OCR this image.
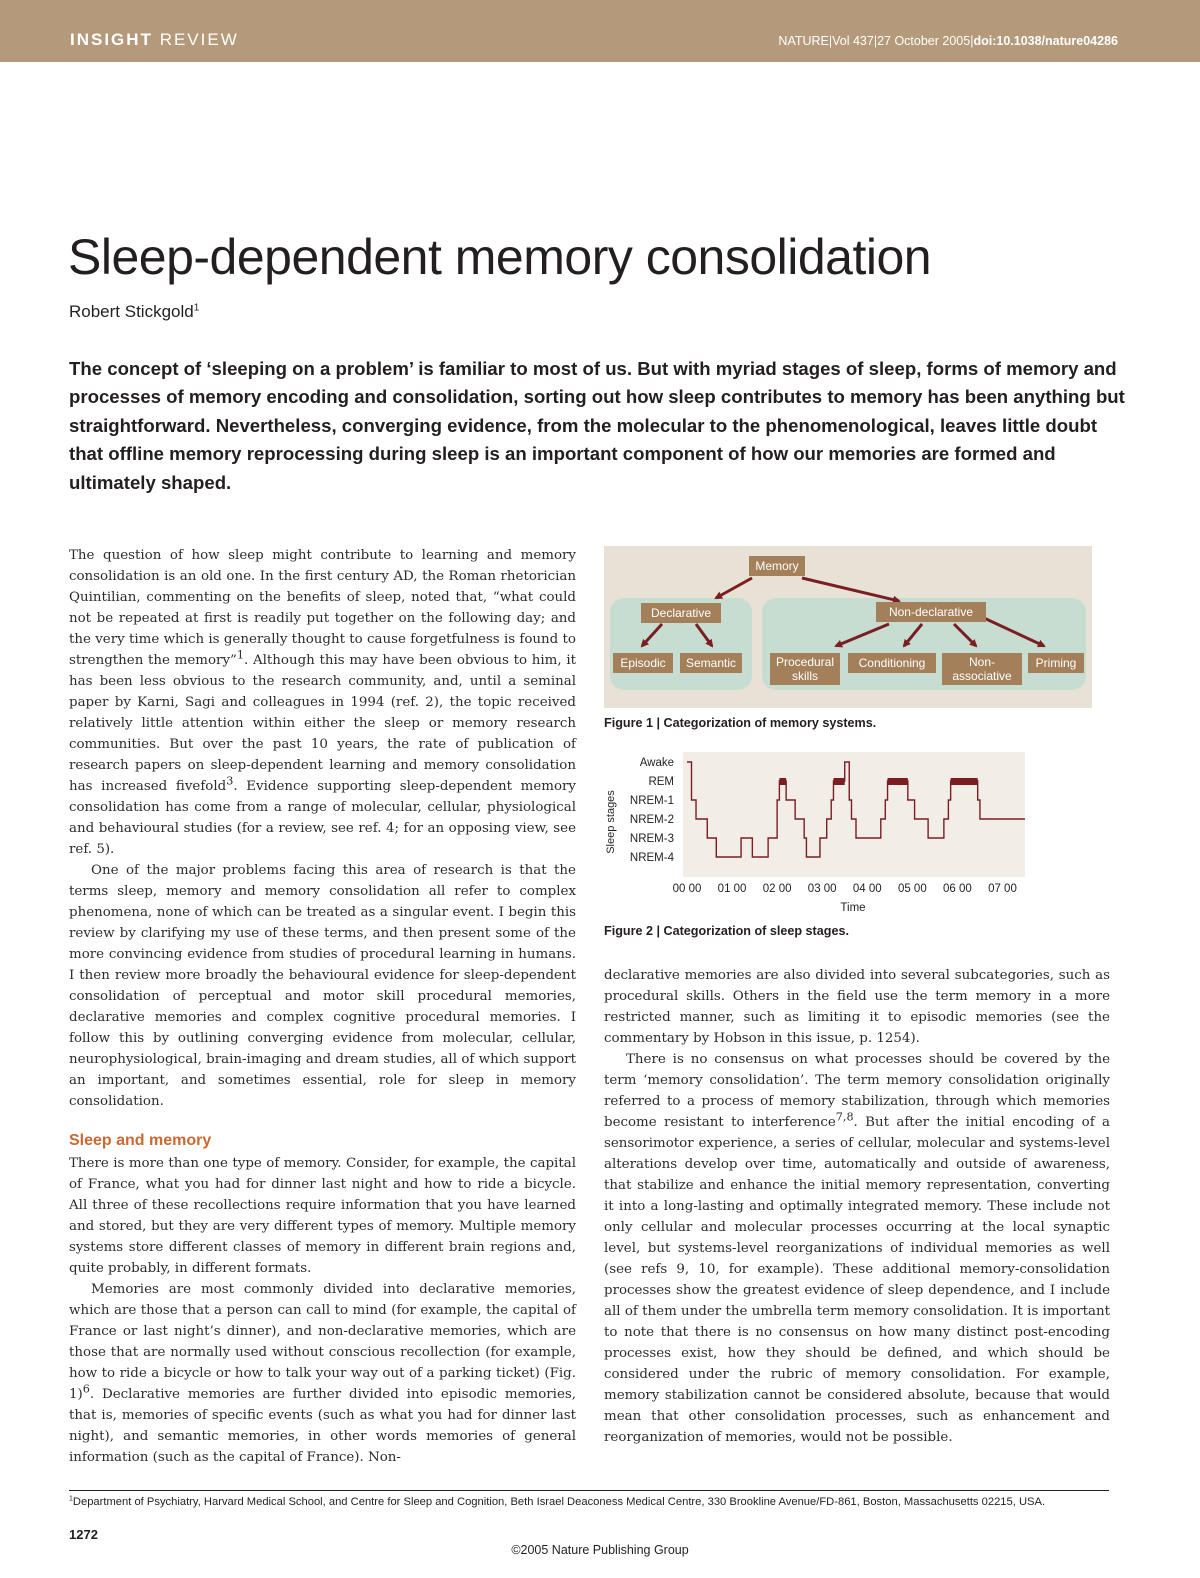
INSIGHT REVIEW	NATURE|Vol 437|27 October 2005|doi:10.1038/nature04286
Sleep-dependent memory consolidation
Robert Stickgold$^1$

The concept of ‘sleeping on a problem’ is familiar to most of us. But with myriad stages of sleep, forms of memory and processes of memory encoding and consolidation, sorting out how sleep contributes to memory has been anything but straightforward. Nevertheless, converging evidence, from the molecular to the phenomenological, leaves little doubt that offline memory reprocessing during sleep is an important component of how our memories are formed and ultimately shaped.

The question of how sleep might contribute to learning and memory consolidation is an old one. In the first century AD, the Roman rhetorician Quintilian, commenting on the benefits of sleep, noted that, “what could not be repeated at first is readily put together on the following day; and the very time which is generally thought to cause forgetfulness is found to strengthen the memory”$^1$. Although this may have been obvious to him, it has been less obvious to the research community, and, until a seminal paper by Karni, Sagi and colleagues in 1994 (ref. 2), the topic received relatively little attention within either the sleep or memory research communities. But over the past 10 years, the rate of publication of research papers on sleep-dependent learning and memory consolidation has increased fivefold$^3$. Evidence supporting sleep-dependent memory consolidation has come from a range of molecular, cellular, physiological and behavioural studies (for a review, see ref. 4; for an opposing view, see ref. 5).

One of the major problems facing this area of research is that the terms sleep, memory and memory consolidation all refer to complex phenomena, none of which can be treated as a singular event. I begin this review by clarifying my use of these terms, and then present some of the more convincing evidence from studies of procedural learning in humans. I then review more broadly the behavioural evidence for sleep-dependent consolidation of perceptual and motor skill procedural memories, declarative memories and complex cognitive procedural memories. I follow this by outlining converging evidence from molecular, cellular, neurophysiological, brain-imaging and dream studies, all of which support an important, and sometimes essential, role for sleep in memory consolidation.

Sleep and memory

There is more than one type of memory. Consider, for example, the capital of France, what you had for dinner last night and how to ride a bicycle. All three of these recollections require information that you have learned and stored, but they are very different types of memory. Multiple memory systems store different classes of memory in different brain regions and, quite probably, in different formats.

Memories are most commonly divided into declarative memories, which are those that a person can call to mind (for example, the capital of France or last night’s dinner), and non-declarative memories, which are those that are normally used without conscious recollection (for example, how to ride a bicycle or how to talk your way out of a parking ticket) (Fig. 1)$^6$. Declarative memories are further divided into episodic memories, that is, memories of specific events (such as what you had for dinner last night), and semantic memories, in other words memories of general information (such as the capital of France). Non-

Memory
Declarative	Non-declarative
Episodic Semantic	Procedural
skills
Conditioning	Non-
associative
Priming
Figure 1 | Categorization of memory systems.
Awake
REM
NREM-1
NREM-2
NREM-3
NREM-4
00 00 01 00 02 00 03 00 04 00 05 00 06 00 07 00
Sleep stages
Time
Figure 2 | Categorization of sleep stages.

declarative memories are also divided into several subcategories, such as procedural skills. Others in the field use the term memory in a more restricted manner, such as limiting it to episodic memories (see the commentary by Hobson in this issue, p. 1254).

There is no consensus on what processes should be covered by the term ‘memory consolidation’. The term memory consolidation originally referred to a process of memory stabilization, through which memories become resistant to interference$^{7,8}$. But after the initial encoding of a sensorimotor experience, a series of cellular, molecular and systems-level alterations develop over time, automatically and outside of awareness, that stabilize and enhance the initial memory representation, converting it into a long-lasting and optimally integrated memory. These include not only cellular and molecular processes occurring at the local synaptic level, but systems-level reorganizations of individual memories as well (see refs 9, 10, for example). These additional memory-consolidation processes show the greatest evidence of sleep dependence, and I include all of them under the umbrella term memory consolidation. It is important to note that there is no consensus on how many distinct post-encoding processes exist, how they should be defined, and which should be considered under the rubric of memory consolidation. For example, memory stabilization cannot be considered absolute, because that would mean that other consolidation processes, such as enhancement and reorganization of memories, would not be possible.

$^1$Department of Psychiatry, Harvard Medical School, and Centre for Sleep and Cognition, Beth Israel Deaconess Medical Centre, 330 Brookline Avenue/FD-861, Boston, Massachusetts 02215, USA.
1272
©2005 Nature Publishing Group
